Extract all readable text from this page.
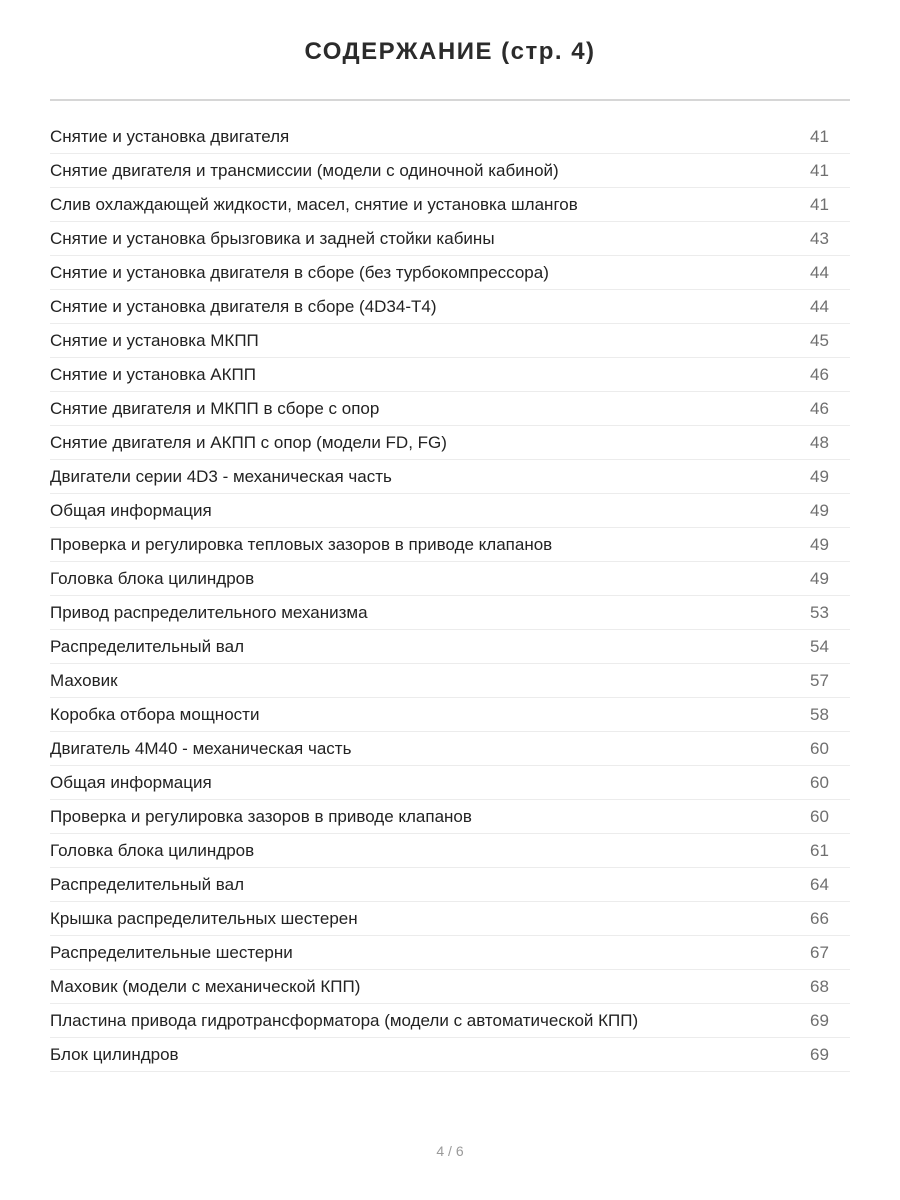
СОДЕРЖАНИЕ (стр. 4)
Снятие и установка двигателя	41
Снятие двигателя и трансмиссии (модели с одиночной кабиной)	41
Слив охлаждающей жидкости, масел, снятие и установка шлангов	41
Снятие и установка брызговика и задней стойки кабины	43
Снятие и установка двигателя в сборе (без турбокомпрессора)	44
Снятие и установка двигателя в сборе (4D34-T4)	44
Снятие и установка МКПП	45
Снятие и установка АКПП	46
Снятие двигателя и МКПП в сборе с опор	46
Снятие двигателя и АКПП с опор (модели FD, FG)	48
Двигатели серии 4D3 - механическая часть	49
Общая информация	49
Проверка и регулировка тепловых зазоров в приводе клапанов	49
Головка блока цилиндров	49
Привод распределительного механизма	53
Распределительный вал	54
Маховик	57
Коробка отбора мощности	58
Двигатель 4M40 - механическая часть	60
Общая информация	60
Проверка и регулировка зазоров в приводе клапанов	60
Головка блока цилиндров	61
Распределительный вал	64
Крышка распределительных шестерен	66
Распределительные шестерни	67
Маховик (модели с механической КПП)	68
Пластина привода гидротрансформатора (модели с автоматической КПП)	69
Блок цилиндров	69
4 / 6
